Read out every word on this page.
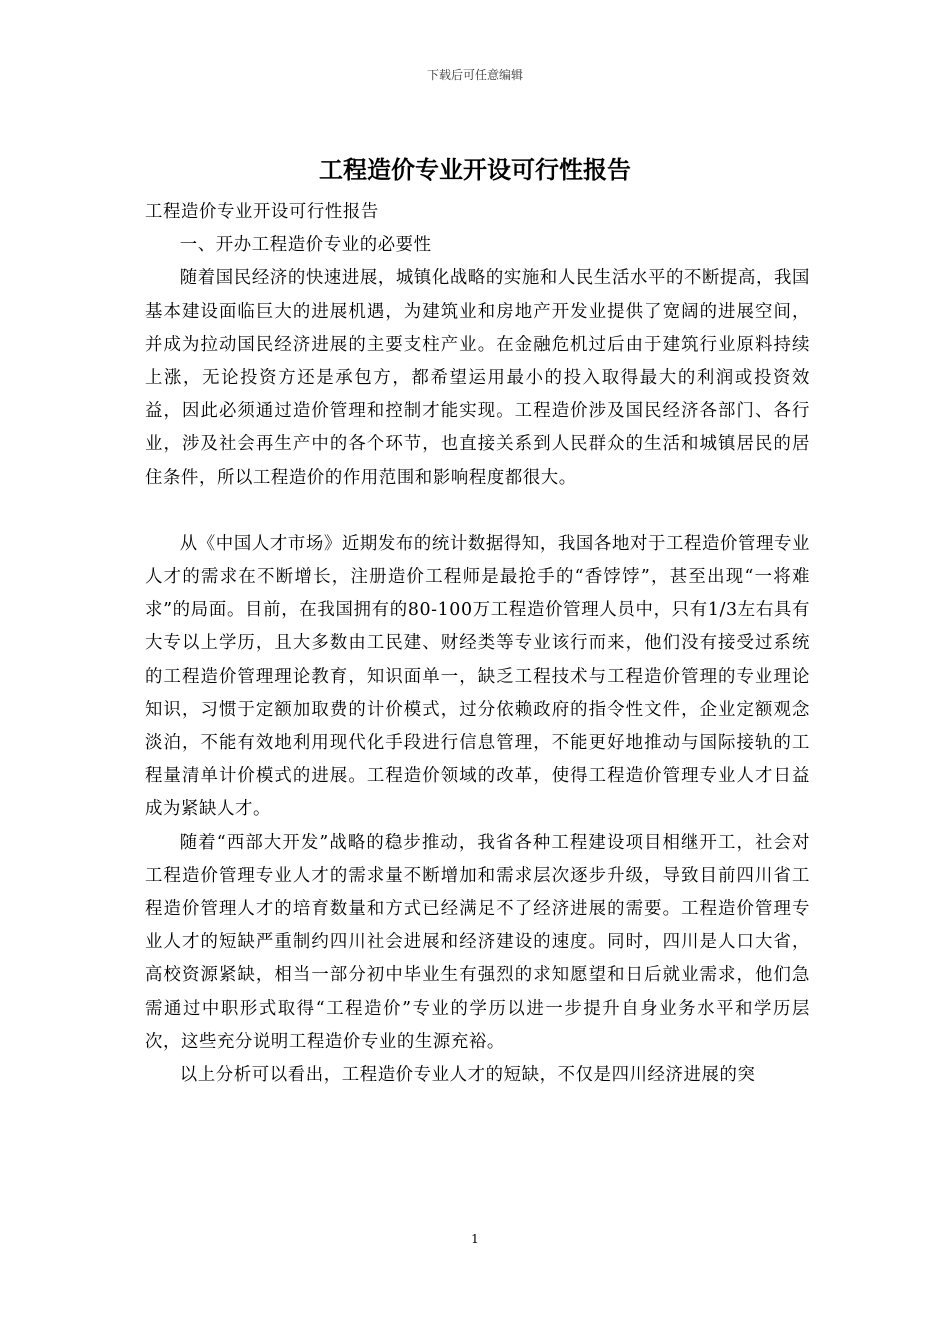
下载后可任意编辑
工程造价专业开设可行性报告

工程造价专业开设可行性报告

一、开办工程造价专业的必要性

随着国民经济的快速进展，城镇化战略的实施和人民生活水平的不断提高，我国基本建设面临巨大的进展机遇，为建筑业和房地产开发业提供了宽阔的进展空间，并成为拉动国民经济进展的主要支柱产业。在金融危机过后由于建筑行业原料持续上涨，无论投资方还是承包方，都希望运用最小的投入取得最大的利润或投资效益，因此必须通过造价管理和控制才能实现。工程造价涉及国民经济各部门、各行业，涉及社会再生产中的各个环节，也直接关系到人民群众的生活和城镇居民的居住条件，所以工程造价的作用范围和影响程度都很大。

从《中国人才市场》近期发布的统计数据得知，我国各地对于工程造价管理专业人才的需求在不断增长，注册造价工程师是最抢手的“香饽饽”，甚至出现“一将难求”的局面。目前，在我国拥有的80-100万工程造价管理人员中，只有1/3左右具有大专以上学历，且大多数由工民建、财经类等专业该行而来，他们没有接受过系统的工程造价管理理论教育，知识面单一，缺乏工程技术与工程造价管理的专业理论知识，习惯于定额加取费的计价模式，过分依赖政府的指令性文件，企业定额观念淡泊，不能有效地利用现代化手段进行信息管理，不能更好地推动与国际接轨的工程量清单计价模式的进展。工程造价领域的改革，使得工程造价管理专业人才日益成为紧缺人才。

随着“西部大开发”战略的稳步推动，我省各种工程建设项目相继开工，社会对工程造价管理专业人才的需求量不断增加和需求层次逐步升级，导致目前四川省工程造价管理人才的培育数量和方式已经满足不了经济进展的需要。工程造价管理专业人才的短缺严重制约四川社会进展和经济建设的速度。同时，四川是人口大省，高校资源紧缺，相当一部分初中毕业生有强烈的求知愿望和日后就业需求，他们急需通过中职形式取得“工程造价”专业的学历以进一步提升自身业务水平和学历层次，这些充分说明工程造价专业的生源充裕。

以上分析可以看出，工程造价专业人才的短缺，不仅是四川经济进展的突

1
